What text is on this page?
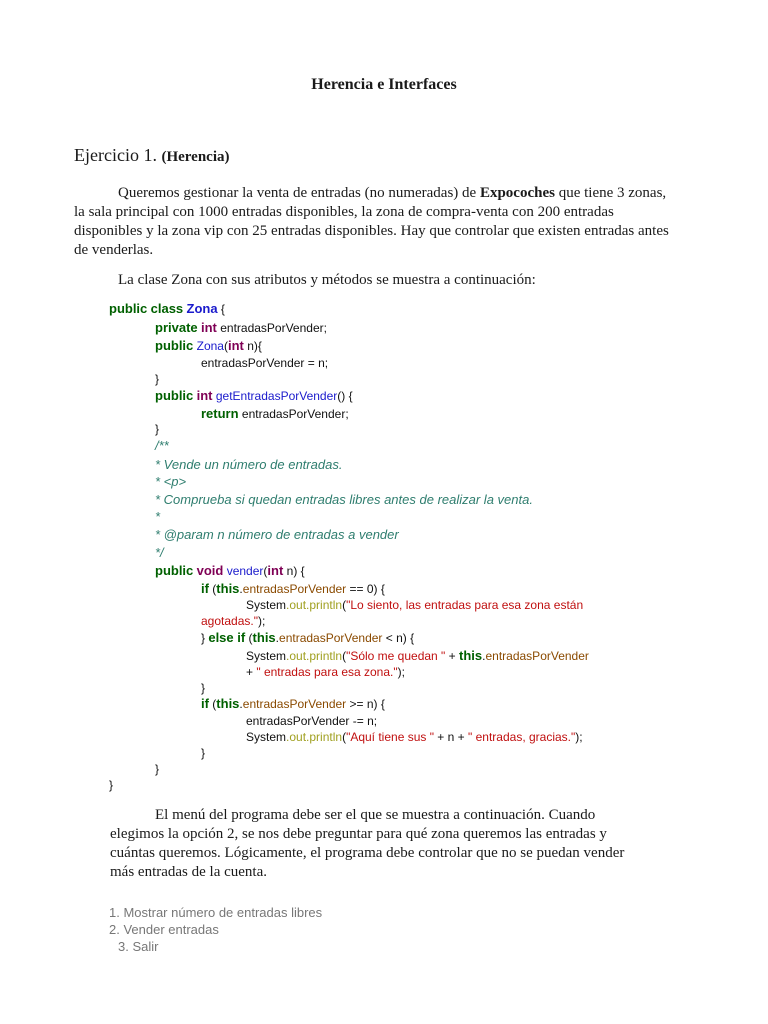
Herencia e Interfaces
Ejercicio 1. (Herencia)
Queremos gestionar la venta de entradas (no numeradas) de Expocoches que tiene 3 zonas,
la sala principal con 1000 entradas disponibles, la zona de compra-venta con 200 entradas
disponibles y la zona vip con 25 entradas disponibles. Hay que controlar que existen entradas antes
de venderlas.
La clase Zona con sus atributos y métodos se muestra a continuación:
public class Zona {
private int entradasPorVender;
public Zona(int n){
entradasPorVender = n;
}
public int getEntradasPorVender() {
return entradasPorVender;
}
/**
* Vende un número de entradas.
* <p>
* Comprueba si quedan entradas libres antes de realizar la venta.
*
* @param n número de entradas a vender
*/
public void vender(int n) {
if (this.entradasPorVender == 0) {
System.out.println("Lo siento, las entradas para esa zona están
agotadas.");
} else if (this.entradasPorVender < n) {
System.out.println("Sólo me quedan " + this.entradasPorVender
+ " entradas para esa zona.");
}
if (this.entradasPorVender >= n) {
entradasPorVender -= n;
System.out.println("Aquí tiene sus " + n + " entradas, gracias.");
}
}
}
El menú del programa debe ser el que se muestra a continuación. Cuando
elegimos la opción 2, se nos debe preguntar para qué zona queremos las entradas y
cuántas queremos. Lógicamente, el programa debe controlar que no se puedan vender
más entradas de la cuenta.
1. Mostrar número de entradas libres
2. Vender entradas
3. Salir
